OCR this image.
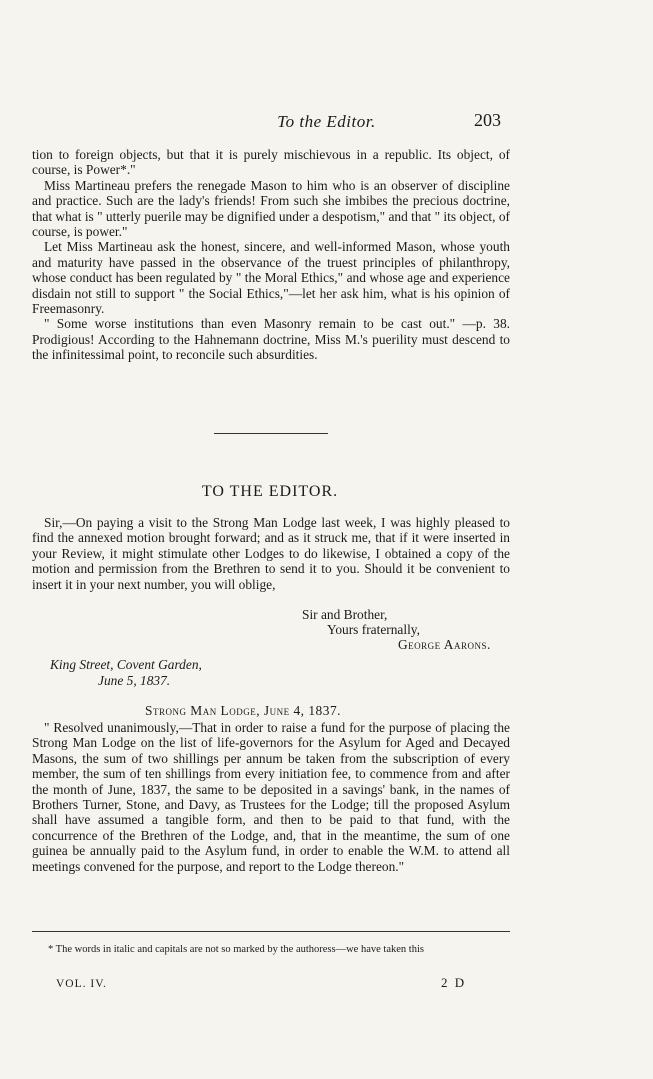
To the Editor.	203

tion to foreign objects, but that it is purely mischievous in a republic. Its object, of course, is Power*."

Miss Martineau prefers the renegade Mason to him who is an observer of discipline and practice. Such are the lady's friends! From such she imbibes the precious doctrine, that what is " utterly puerile may be dignified under a despotism," and that " its object, of course, is power."

Let Miss Martineau ask the honest, sincere, and well-informed Mason, whose youth and maturity have passed in the observance of the truest principles of philanthropy, whose conduct has been regulated by " the Moral Ethics," and whose age and experience disdain not still to support " the Social Ethics,"—let her ask him, what is his opinion of Freemasonry.

" Some worse institutions than even Masonry remain to be cast out." —p. 38. Prodigious! According to the Hahnemann doctrine, Miss M.'s puerility must descend to the infinitessimal point, to reconcile such absurdities.

TO THE EDITOR.

Sir,—On paying a visit to the Strong Man Lodge last week, I was highly pleased to find the annexed motion brought forward; and as it struck me, that if it were inserted in your Review, it might stimulate other Lodges to do likewise, I obtained a copy of the motion and permission from the Brethren to send it to you. Should it be convenient to insert it in your next number, you will oblige,

Sir and Brother,
Yours fraternally,
George Aarons.
King Street, Covent Garden,
June 5, 1837.
Strong Man Lodge, June 4, 1837.

" Resolved unanimously,—That in order to raise a fund for the purpose of placing the Strong Man Lodge on the list of life-governors for the Asylum for Aged and Decayed Masons, the sum of two shillings per annum be taken from the subscription of every member, the sum of ten shillings from every initiation fee, to commence from and after the month of June, 1837, the same to be deposited in a savings' bank, in the names of Brothers Turner, Stone, and Davy, as Trustees for the Lodge; till the proposed Asylum shall have assumed a tangible form, and then to be paid to that fund, with the concurrence of the Brethren of the Lodge, and, that in the meantime, the sum of one guinea be annually paid to the Asylum fund, in order to enable the W.M. to attend all meetings convened for the purpose, and report to the Lodge thereon."

* The words in italic and capitals are not so marked by the authoress—we have taken this
VOL. IV.	2 D
